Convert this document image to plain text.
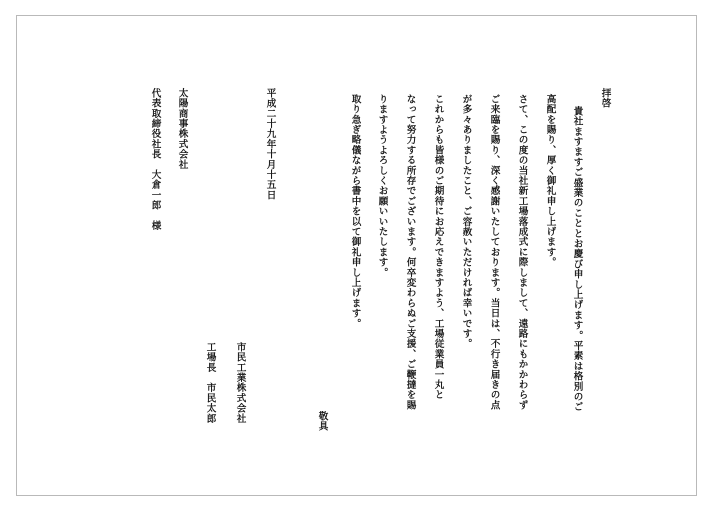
拝啓
貴社ますますご盛業のこととお慶び申し上げます。平素は格別のご
高配を賜り、厚く御礼申し上げます。
さて、この度の当社新工場落成式に際しまして、遠路にもかかわらず
ご来臨を賜り、深く感謝いたしております。当日は、不行き届きの点
が多々ありましたこと、ご容赦いただければ幸いです。
これからも皆様のご期待にお応えできますよう、工場従業員一丸と
なって努力する所存でございます。何卒変わらぬご支援、ご鞭撻を賜
りますようよろしくお願いいたします。
取り急ぎ略儀ながら書中を以て御礼申し上げます。
敬具
市民工業株式会社
工場長　市民太郎
平成二十九年十月十五日
太陽商事株式会社
代表取締役社長　大倉一郎　様
